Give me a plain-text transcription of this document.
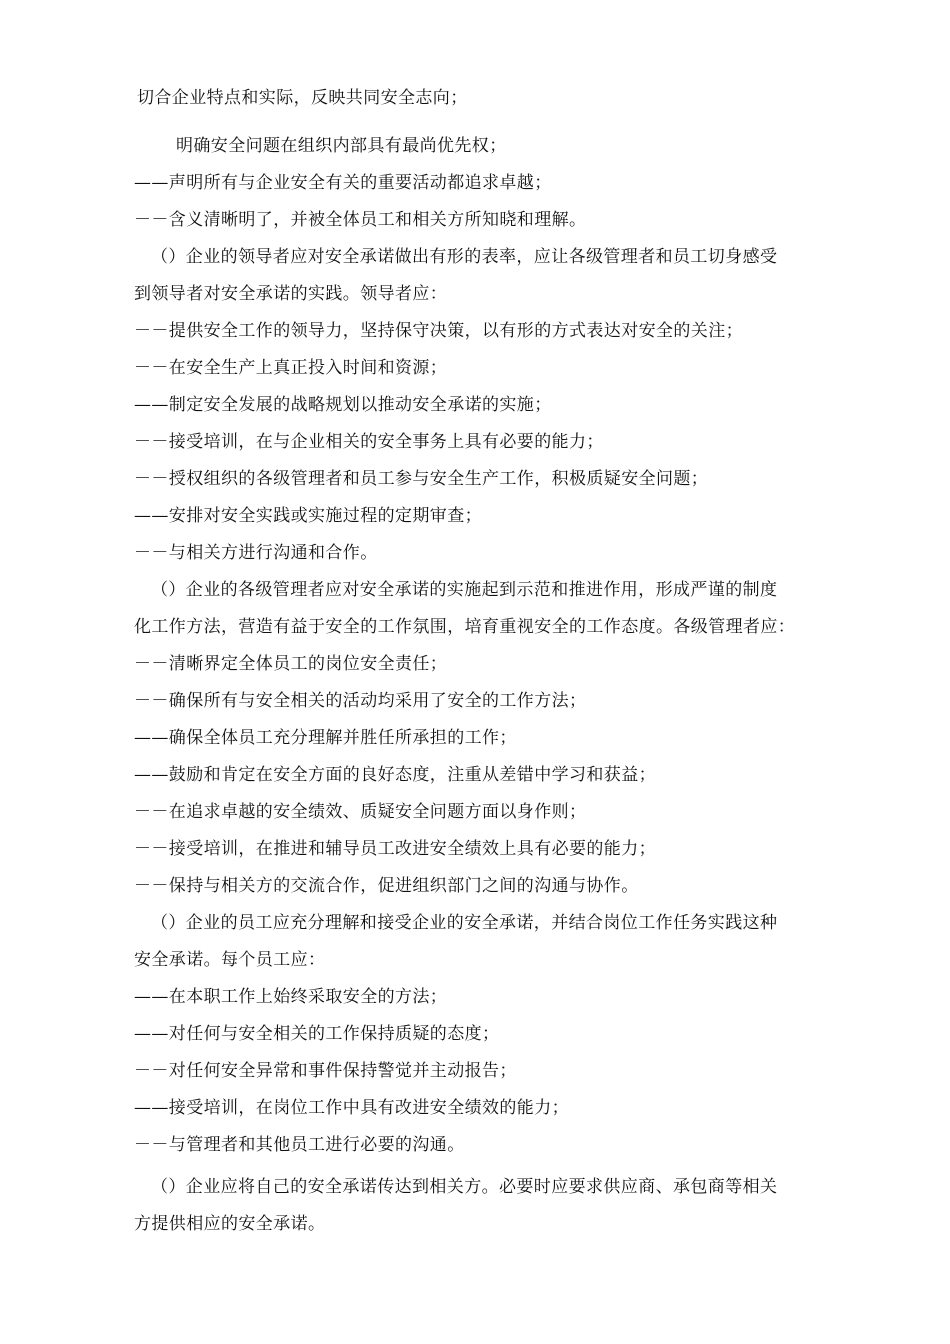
切合企业特点和实际，反映共同安全志向；
明确安全问题在组织内部具有最尚优先权；
——声明所有与企业安全有关的重要活动都追求卓越；
－－含义清晰明了，并被全体员工和相关方所知晓和理解。
（）企业的领导者应对安全承诺做出有形的表率，应让各级管理者和员工切身感受
到领导者对安全承诺的实践。领导者应：
－－提供安全工作的领导力，坚持保守决策，以有形的方式表达对安全的关注；
－－在安全生产上真正投入时间和资源；
——制定安全发展的战略规划以推动安全承诺的实施；
－－接受培训，在与企业相关的安全事务上具有必要的能力；
－－授权组织的各级管理者和员工参与安全生产工作，积极质疑安全问题；
——安排对安全实践或实施过程的定期审查；
－－与相关方进行沟通和合作。
（）企业的各级管理者应对安全承诺的实施起到示范和推进作用，形成严谨的制度
化工作方法，营造有益于安全的工作氛围，培育重视安全的工作态度。各级管理者应：
－－清晰界定全体员工的岗位安全责任；
－－确保所有与安全相关的活动均采用了安全的工作方法；
——确保全体员工充分理解并胜任所承担的工作；
——鼓励和肯定在安全方面的良好态度，注重从差错中学习和获益；
－－在追求卓越的安全绩效、质疑安全问题方面以身作则；
－－接受培训，在推进和辅导员工改进安全绩效上具有必要的能力；
－－保持与相关方的交流合作，促进组织部门之间的沟通与协作。
（）企业的员工应充分理解和接受企业的安全承诺，并结合岗位工作任务实践这种
安全承诺。每个员工应：
——在本职工作上始终采取安全的方法；
——对任何与安全相关的工作保持质疑的态度；
－－对任何安全异常和事件保持警觉并主动报告；
——接受培训，在岗位工作中具有改进安全绩效的能力；
－－与管理者和其他员工进行必要的沟通。
（）企业应将自己的安全承诺传达到相关方。必要时应要求供应商、承包商等相关
方提供相应的安全承诺。
